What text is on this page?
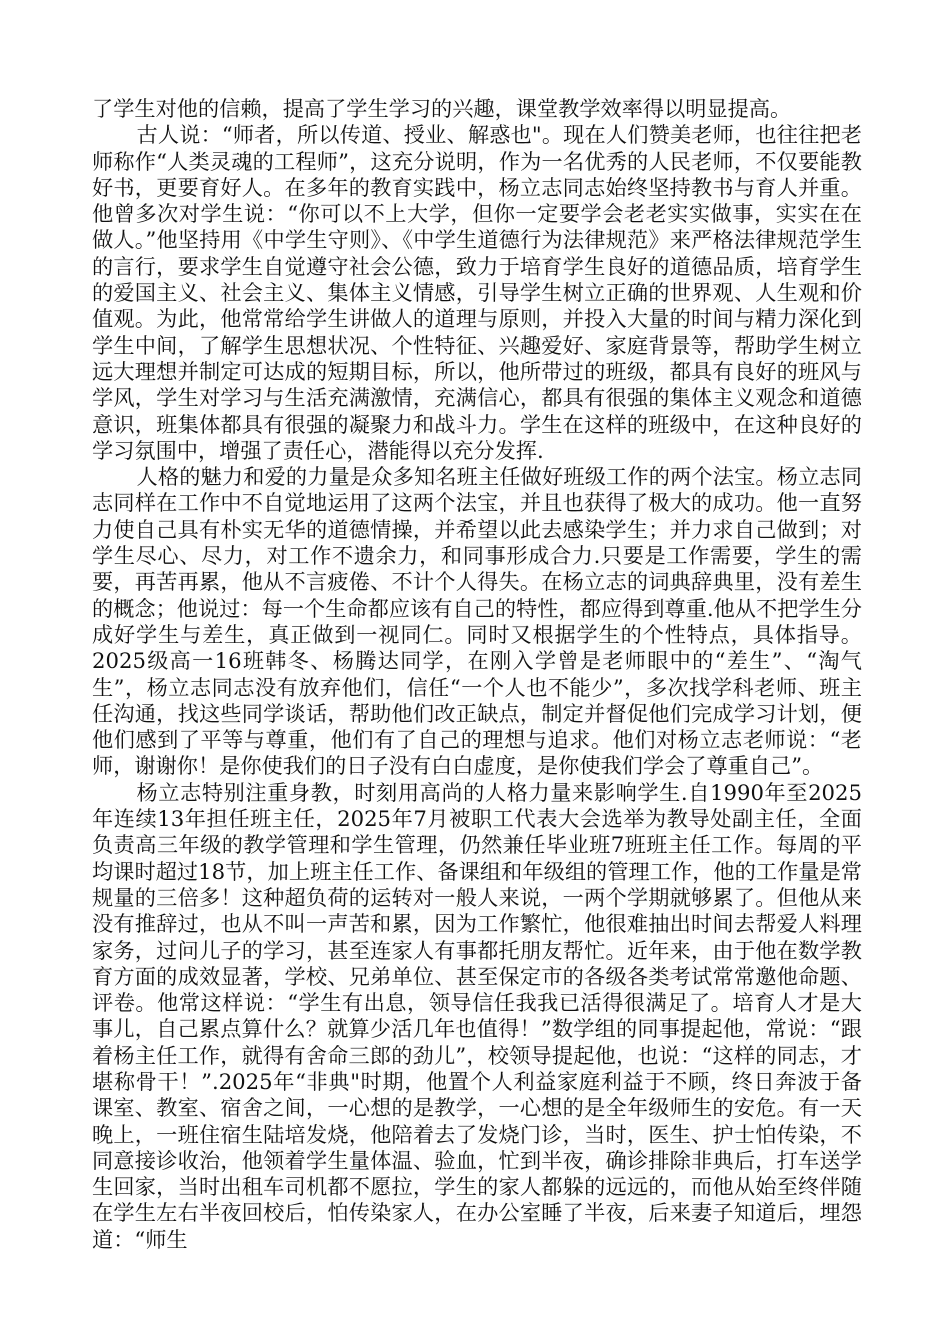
了学生对他的信赖，提高了学生学习的兴趣，课堂教学效率得以明显提高。

古人说：“师者，所以传道、授业、解惑也"。现在人们赞美老师，也往往把老师称作“人类灵魂的工程师”，这充分说明，作为一名优秀的人民老师，不仅要能教好书，更要育好人。在多年的教育实践中，杨立志同志始终坚持教书与育人并重。他曾多次对学生说：“你可以不上大学，但你一定要学会老老实实做事，实实在在做人。”他坚持用《中学生守则》、《中学生道德行为法律规范》来严格法律规范学生的言行，要求学生自觉遵守社会公德，致力于培育学生良好的道德品质，培育学生的爱国主义、社会主义、集体主义情感，引导学生树立正确的世界观、人生观和价值观。为此，他常常给学生讲做人的道理与原则，并投入大量的时间与精力深化到学生中间，了解学生思想状况、个性特征、兴趣爱好、家庭背景等，帮助学生树立远大理想并制定可达成的短期目标，所以，他所带过的班级，都具有良好的班风与学风，学生对学习与生活充满激情，充满信心，都具有很强的集体主义观念和道德意识，班集体都具有很强的凝聚力和战斗力。学生在这样的班级中，在这种良好的学习氛围中，增强了责任心，潜能得以充分发挥.

人格的魅力和爱的力量是众多知名班主任做好班级工作的两个法宝。杨立志同志同样在工作中不自觉地运用了这两个法宝，并且也获得了极大的成功。他一直努力使自己具有朴实无华的道德情操，并希望以此去感染学生；并力求自己做到；对学生尽心、尽力，对工作不遗余力，和同事形成合力.只要是工作需要，学生的需要，再苦再累，他从不言疲倦、不计个人得失。在杨立志的词典辞典里，没有差生的概念；他说过：每一个生命都应该有自己的特性，都应得到尊重.他从不把学生分成好学生与差生，真正做到一视同仁。同时又根据学生的个性特点，具体指导。2025级高一16班韩冬、杨腾达同学，在刚入学曾是老师眼中的“差生”、“淘气生”，杨立志同志没有放弃他们，信任“一个人也不能少”，多次找学科老师、班主任沟通，找这些同学谈话，帮助他们改正缺点，制定并督促他们完成学习计划，便他们感到了平等与尊重，他们有了自己的理想与追求。他们对杨立志老师说：“老师，谢谢你！是你使我们的日子没有白白虚度，是你使我们学会了尊重自己”。

杨立志特别注重身教，时刻用高尚的人格力量来影响学生.自1990年至2025年连续13年担任班主任，2025年7月被职工代表大会选举为教导处副主任，全面负责高三年级的教学管理和学生管理，仍然兼任毕业班7班班主任工作。每周的平均课时超过18节，加上班主任工作、备课组和年级组的管理工作，他的工作量是常规量的三倍多！这种超负荷的运转对一般人来说，一两个学期就够累了。但他从来没有推辞过，也从不叫一声苦和累，因为工作繁忙，他很难抽出时间去帮爱人料理家务，过问儿子的学习，甚至连家人有事都托朋友帮忙。近年来，由于他在数学教育方面的成效显著，学校、兄弟单位、甚至保定市的各级各类考试常常邀他命题、评卷。他常这样说：“学生有出息，领导信任我我已活得很满足了。培育人才是大事儿，自己累点算什么？就算少活几年也值得！”数学组的同事提起他，常说：“跟着杨主任工作，就得有舍命三郎的劲儿”，校领导提起他，也说：“这样的同志，才堪称骨干！”.2025年“非典"时期，他置个人利益家庭利益于不顾，终日奔波于备课室、教室、宿舍之间，一心想的是教学，一心想的是全年级师生的安危。有一天晚上，一班住宿生陆培发烧，他陪着去了发烧门诊，当时，医生、护士怕传染，不同意接诊收治，他领着学生量体温、验血，忙到半夜，确诊排除非典后，打车送学生回家，当时出租车司机都不愿拉，学生的家人都躲的远远的，而他从始至终伴随在学生左右半夜回校后，怕传染家人，在办公室睡了半夜，后来妻子知道后，埋怨道：“师生
